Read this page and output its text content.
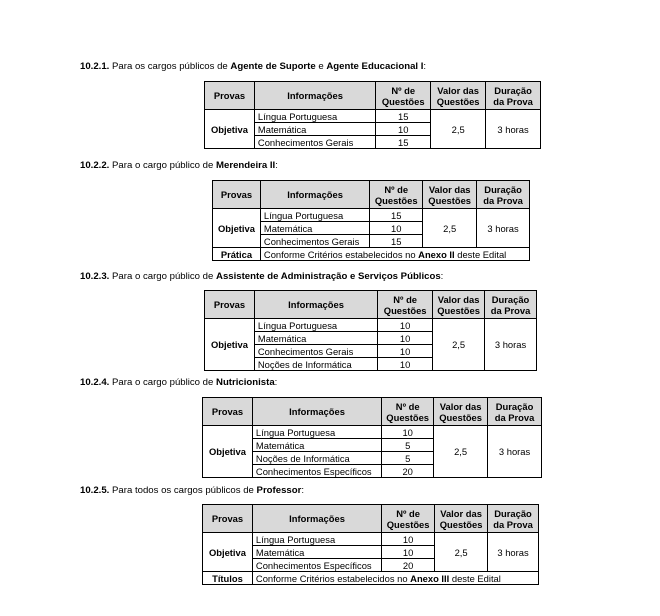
10.2.1. Para os cargos públicos de Agente de Suporte e Agente Educacional I:
Provas	Informações	Nº de Questões	Valor das Questões	Duração da Prova
Objetiva	Língua Portuguesa	15	2,5	3 horas
	Matemática	10		
	Conhecimentos Gerais	15		
10.2.2. Para o cargo público de Merendeira II:
Provas	Informações	Nº de Questões	Valor das Questões	Duração da Prova
Objetiva	Língua Portuguesa	15	2,5	3 horas
	Matemática	10		
	Conhecimentos Gerais	15		
Prática	Conforme Critérios estabelecidos no Anexo II deste Edital			
10.2.3. Para o cargo público de Assistente de Administração e Serviços Públicos:
Provas	Informações	Nº de Questões	Valor das Questões	Duração da Prova
Objetiva	Língua Portuguesa	10	2,5	3 horas
	Matemática	10		
	Conhecimentos Gerais	10		
	Noções de Informática	10		
10.2.4. Para o cargo público de Nutricionista:
Provas	Informações	Nº de Questões	Valor das Questões	Duração da Prova
Objetiva	Língua Portuguesa	10	2,5	3 horas
	Matemática	5		
	Noções de Informática	5		
	Conhecimentos Específicos	20		
10.2.5. Para todos os cargos públicos de Professor:
Provas	Informações	Nº de Questões	Valor das Questões	Duração da Prova
Objetiva	Língua Portuguesa	10	2,5	3 horas
	Matemática	10		
	Conhecimentos Específicos	20		
Títulos	Conforme Critérios estabelecidos no Anexo III deste Edital			
